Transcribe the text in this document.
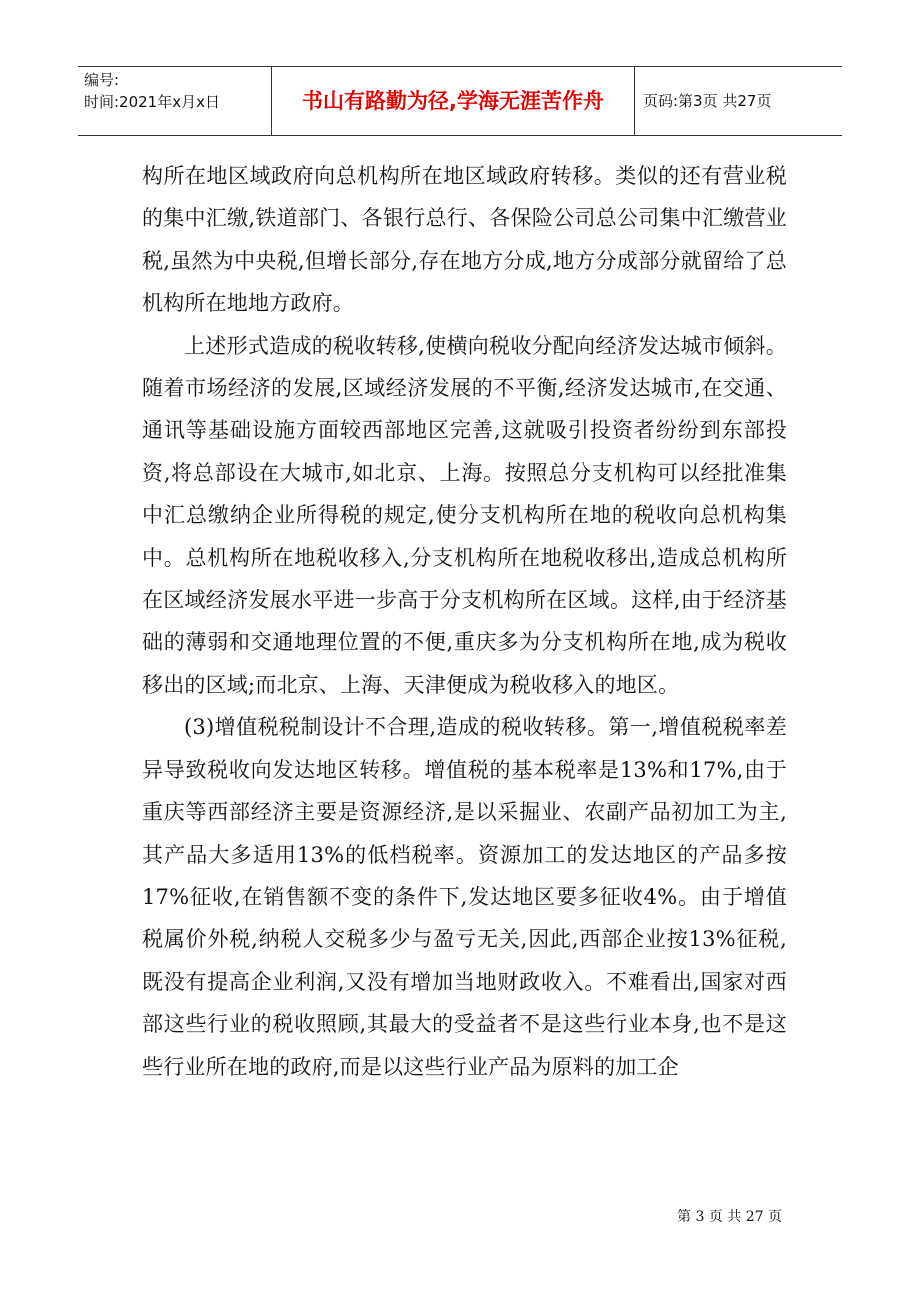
编号:
时间:2021年x月x日	书山有路勤为径,学海无涯苦作舟	页码:第3页 共27页

构所在地区域政府向总机构所在地区域政府转移。类似的还有营业税的集中汇缴,铁道部门、各银行总行、各保险公司总公司集中汇缴营业税,虽然为中央税,但增长部分,存在地方分成,地方分成部分就留给了总机构所在地地方政府。

上述形式造成的税收转移,使横向税收分配向经济发达城市倾斜。随着市场经济的发展,区域经济发展的不平衡,经济发达城市,在交通、通讯等基础设施方面较西部地区完善,这就吸引投资者纷纷到东部投资,将总部设在大城市,如北京、上海。按照总分支机构可以经批准集中汇总缴纳企业所得税的规定,使分支机构所在地的税收向总机构集中。总机构所在地税收移入,分支机构所在地税收移出,造成总机构所在区域经济发展水平进一步高于分支机构所在区域。这样,由于经济基础的薄弱和交通地理位置的不便,重庆多为分支机构所在地,成为税收移出的区域;而北京、上海、天津便成为税收移入的地区。

(3)增值税税制设计不合理,造成的税收转移。第一,增值税税率差异导致税收向发达地区转移。增值税的基本税率是13%和17%,由于重庆等西部经济主要是资源经济,是以采掘业、农副产品初加工为主,其产品大多适用13%的低档税率。资源加工的发达地区的产品多按17%征收,在销售额不变的条件下,发达地区要多征收4%。由于增值税属价外税,纳税人交税多少与盈亏无关,因此,西部企业按13%征税,既没有提高企业利润,又没有增加当地财政收入。不难看出,国家对西部这些行业的税收照顾,其最大的受益者不是这些行业本身,也不是这些行业所在地的政府,而是以这些行业产品为原料的加工企

第 3 页 共 27 页
